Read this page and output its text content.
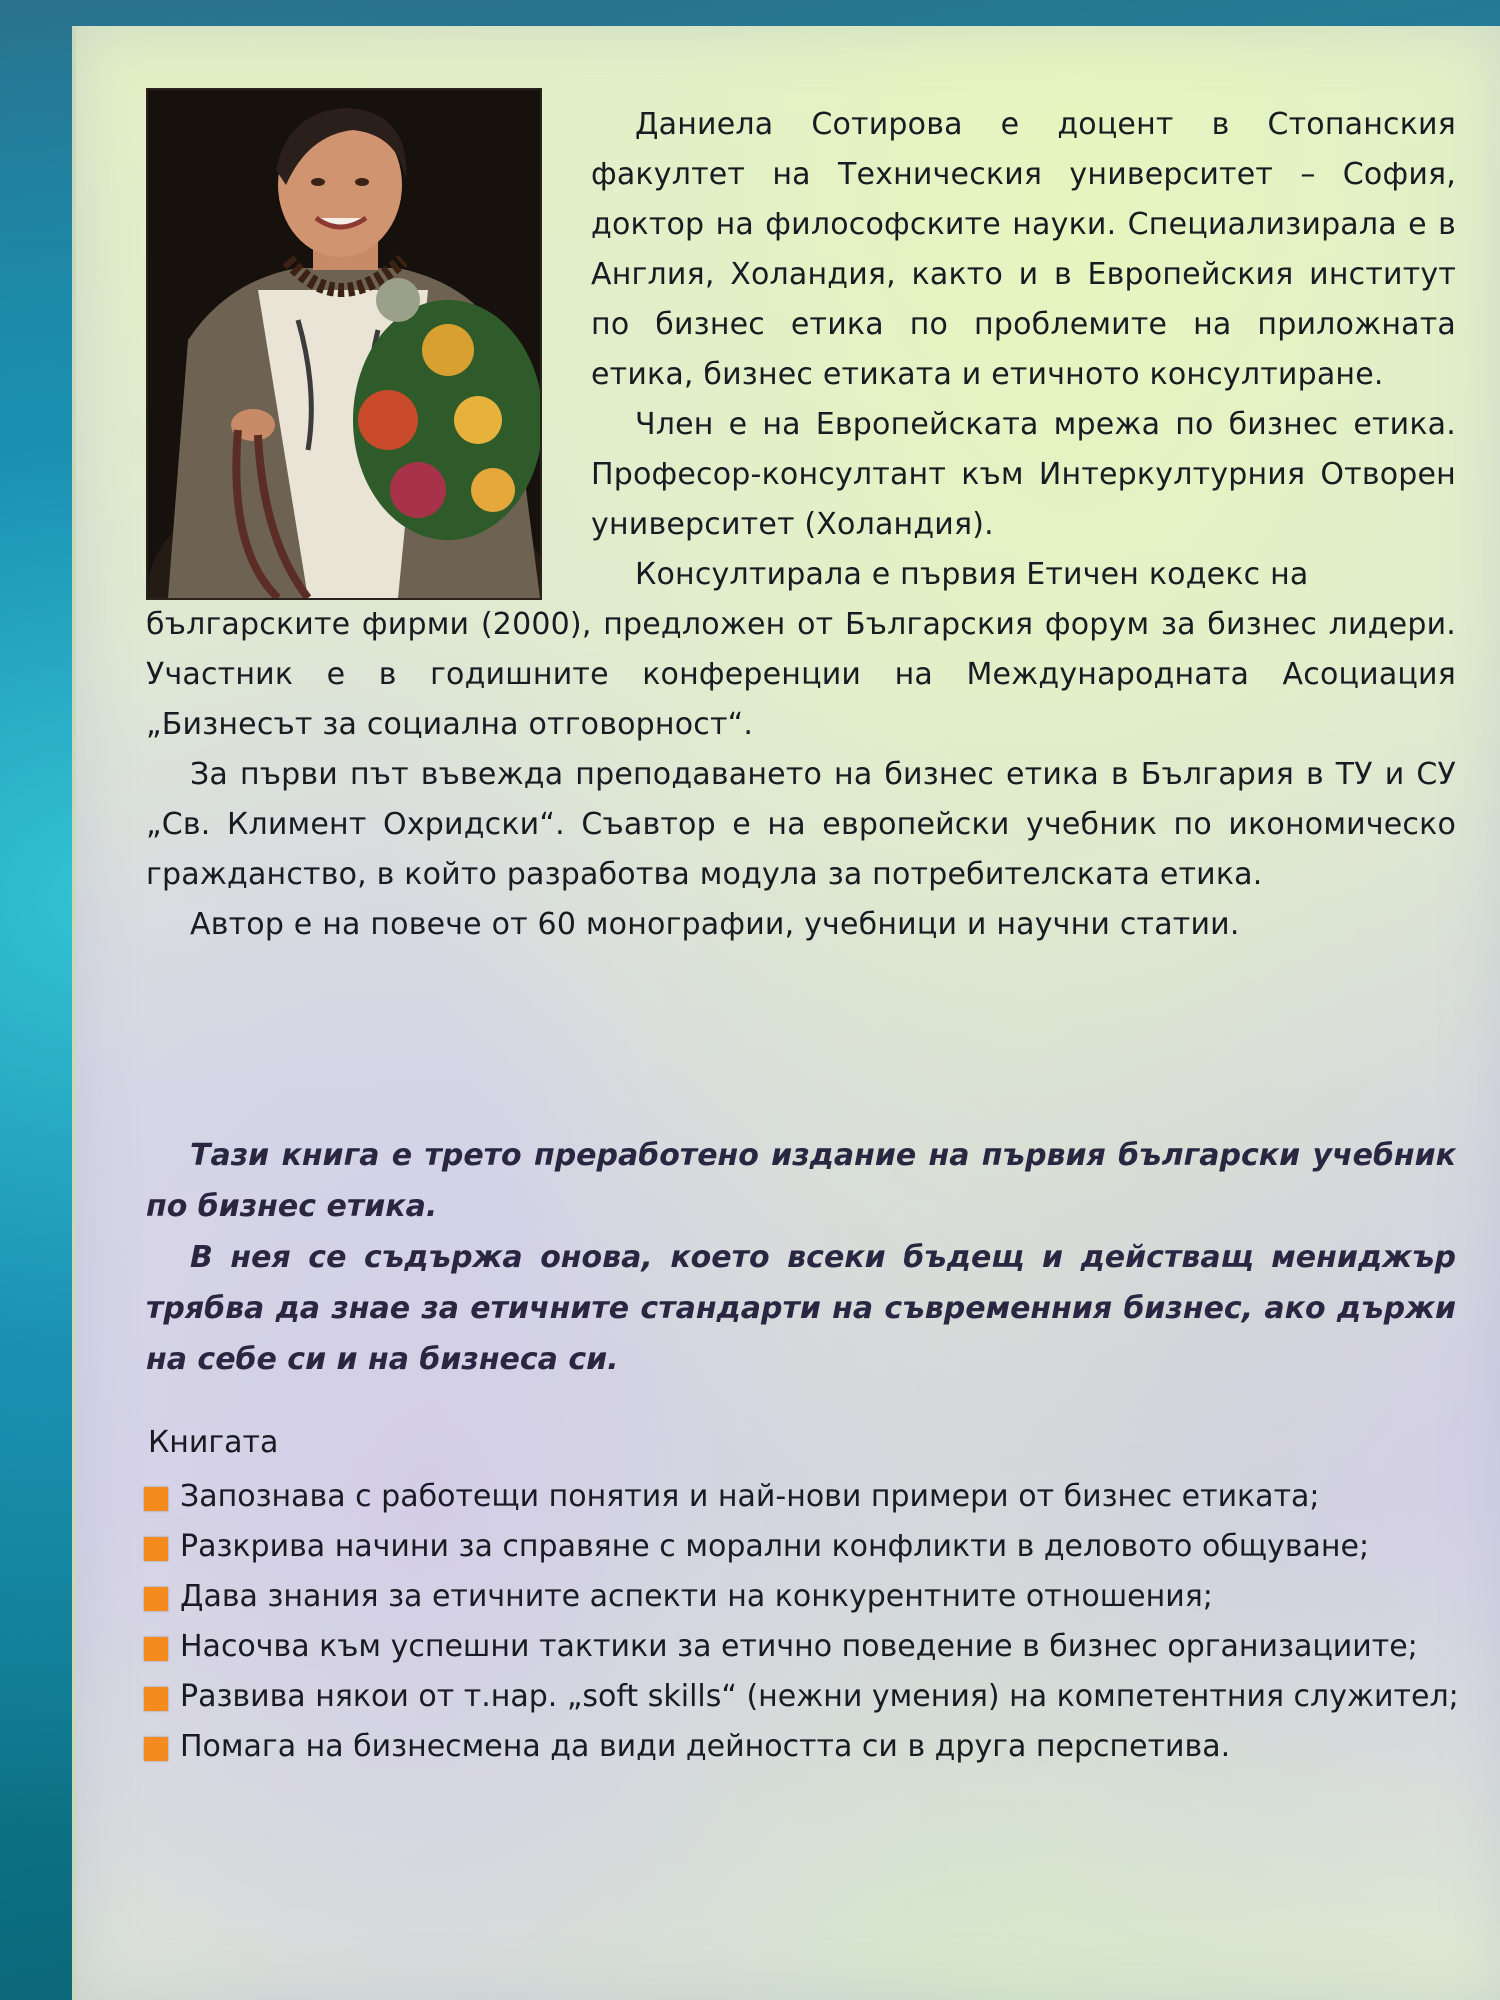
Даниела Сотирова е доцент в Стопанския факултет на Техническия университет – София, доктор на философските науки. Специализирала е в Англия, Холандия, както и в Европейския институт по бизнес етика по проблемите на приложната етика, бизнес етиката и етичното консултиране.

Член е на Европейската мрежа по бизнес етика. Професор-консултант към Интеркултурния Отворен университет (Холандия).

Консултирала е първия Етичен кодекс на

българските фирми (2000), предложен от Българския форум за бизнес лидери. Участник е в годишните конференции на Международната Асоциация „Бизнесът за социална отговорност“.

За първи път въвежда преподаването на бизнес етика в България в ТУ и СУ „Св. Климент Охридски“. Съавтор е на европейски учебник по икономическо гражданство, в който разработва модула за потребителската етика.

Автор е на повече от 60 монографии, учебници и научни статии.

Тази книга е трето преработено издание на първия български учебник по бизнес етика.

В нея се съдържа онова, което всеки бъдещ и действащ мениджър трябва да знае за етичните стандарти на съвременния бизнес, ако държи на себе си и на бизнеса си.

Книгата
Запознава с работещи понятия и най-нови примери от бизнес етиката;
Разкрива начини за справяне с морални конфликти в деловото общуване;
Дава знания за етичните аспекти на конкурентните отношения;
Насочва към успешни тактики за етично поведение в бизнес организациите;
Развива някои от т.нар. „soft skills“ (нежни умения) на компетентния служител;
Помага на бизнесмена да види дейността си в друга перспетива.
